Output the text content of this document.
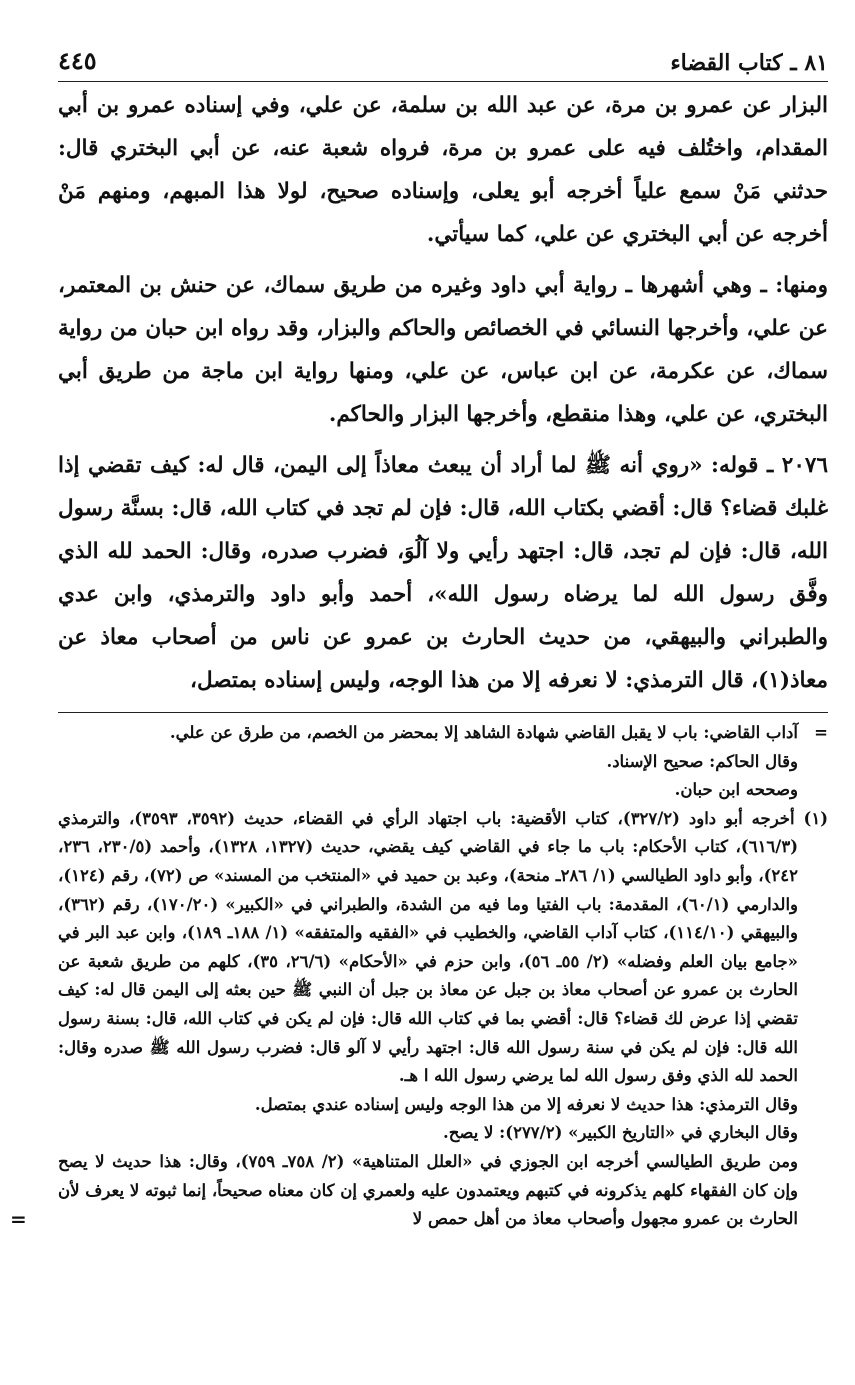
٨١ ـ كتاب القضاء
٤٤٥

البزار عن عمرو بن مرة، عن عبد الله بن سلمة، عن علي، وفي إسناده عمرو بن أبي المقدام، واختُلف فيه على عمرو بن مرة، فرواه شعبة عنه، عن أبي البختري قال: حدثني مَنْ سمع علياً أخرجه أبو يعلى، وإسناده صحيح، لولا هذا المبهم، ومنهم مَنْ أخرجه عن أبي البختري عن علي، كما سيأتي.

ومنها: ـ وهي أشهرها ـ رواية أبي داود وغيره من طريق سماك، عن حنش بن المعتمر، عن علي، وأخرجها النسائي في الخصائص والحاكم والبزار، وقد رواه ابن حبان من رواية سماك، عن عكرمة، عن ابن عباس، عن علي، ومنها رواية ابن ماجة من طريق أبي البختري، عن علي، وهذا منقطع، وأخرجها البزار والحاكم.

٢٠٧٦ ـ قوله: «روي أنه ﷺ لما أراد أن يبعث معاذاً إلى اليمن، قال له: كيف تقضي إذا غلبك قضاء؟ قال: أقضي بكتاب الله، قال: فإن لم تجد في كتاب الله، قال: بسنَّة رسول الله، قال: فإن لم تجد، قال: اجتهد رأيي ولا آلُوَ، فضرب صدره، وقال: الحمد لله الذي وفَّق رسول الله لما يرضاه رسول الله»، أحمد وأبو داود والترمذي، وابن عدي والطبراني والبيهقي، من حديث الحارث بن عمرو عن ناس من أصحاب معاذ عن معاذ(١)، قال الترمذي: لا نعرفه إلا من هذا الوجه، وليس إسناده بمتصل،

=
آداب القاضي: باب لا يقبل القاضي شهادة الشاهد إلا بمحضر من الخصم، من طرق عن علي.

وقال الحاكم: صحيح الإسناد.

وصححه ابن حبان.

(١) أخرجه أبو داود (٣٢٧/٢)، كتاب الأقضية: باب اجتهاد الرأي في القضاء، حديث (٣٥٩٢، ٣٥٩٣)، والترمذي (٦١٦/٣)، كتاب الأحكام: باب ما جاء في القاضي كيف يقضي، حديث (١٣٢٧، ١٣٢٨)، وأحمد (٢٣٠/٥، ٢٣٦، ٢٤٢)، وأبو داود الطيالسي (١/ ٢٨٦ـ منحة)، وعبد بن حميد في «المنتخب من المسند» ص (٧٢)، رقم (١٢٤)، والدارمي (٦٠/١)، المقدمة: باب الفتيا وما فيه من الشدة، والطبراني في «الكبير» (١٧٠/٢٠)، رقم (٣٦٢)، والبيهقي (١١٤/١٠)، كتاب آداب القاضي، والخطيب في «الفقيه والمتفقه» (١/ ١٨٨ـ ١٨٩)، وابن عبد البر في «جامع بيان العلم وفضله» (٢/ ٥٥ـ ٥٦)، وابن حزم في «الأحكام» (٢٦/٦، ٣٥)، كلهم من طريق شعبة عن الحارث بن عمرو عن أصحاب معاذ بن جبل عن معاذ بن جبل أن النبي ﷺ حين بعثه إلى اليمن قال له: كيف تقضي إذا عرض لك قضاء؟ قال: أقضي بما في كتاب الله قال: فإن لم يكن في كتاب الله، قال: بسنة رسول الله قال: فإن لم يكن في سنة رسول الله قال: اجتهد رأيي لا آلو قال: فضرب رسول الله ﷺ صدره وقال: الحمد لله الذي وفق رسول الله لما يرضي رسول الله ا هـ.

وقال الترمذي: هذا حديث لا نعرفه إلا من هذا الوجه وليس إسناده عندي بمتصل.

وقال البخاري في «التاريخ الكبير» (٢٧٧/٢): لا يصح.

ومن طريق الطيالسي أخرجه ابن الجوزي في «العلل المتناهية» (٢/ ٧٥٨ـ ٧٥٩)، وقال: هذا حديث لا يصح وإن كان الفقهاء كلهم يذكرونه في كتبهم ويعتمدون عليه ولعمري إن كان معناه صحيحاً، إنما ثبوته لا يعرف لأن الحارث بن عمرو مجهول وأصحاب معاذ من أهل حمص لا
=
